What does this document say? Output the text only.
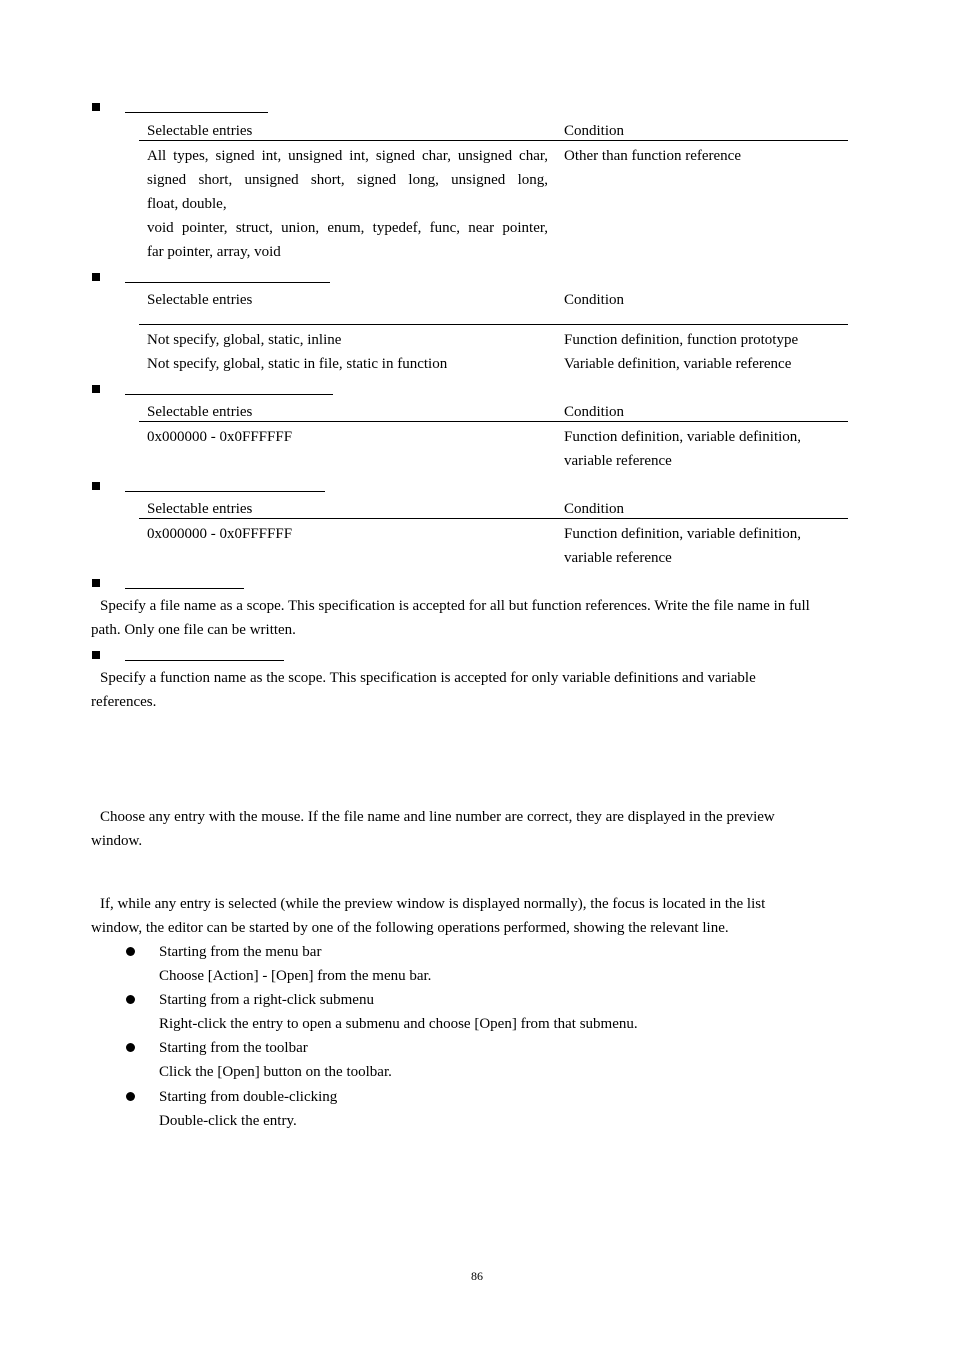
Selectable entries	Condition
All types, signed int, unsigned int, signed char, unsigned char,
signed short, unsigned short, signed long, unsigned long,
float, double,
void pointer, struct, union, enum, typedef, func, near pointer,
far pointer, array, void
Other than function reference
Selectable entries	Condition
Not specify, global, static, inline	Function definition, function prototype
Not specify, global, static in file, static in function	Variable definition, variable reference
Selectable entries	Condition
0x000000 - 0x0FFFFFF	Function definition, variable definition,
variable reference
Selectable entries	Condition
0x000000 - 0x0FFFFFF	Function definition, variable definition,
variable reference
Specify a file name as a scope. This specification is accepted for all but function references. Write the file name in full
path. Only one file can be written.
Specify a function name as the scope. This specification is accepted for only variable definitions and variable
references.
Choose any entry with the mouse. If the file name and line number are correct, they are displayed in the preview
window.
If, while any entry is selected (while the preview window is displayed normally), the focus is located in the list
window, the editor can be started by one of the following operations performed, showing the relevant line.
Starting from the menu bar
Choose [Action] - [Open] from the menu bar.
Starting from a right-click submenu
Right-click the entry to open a submenu and choose [Open] from that submenu.
Starting from the toolbar
Click the [Open] button on the toolbar.
Starting from double-clicking
Double-click the entry.
86
